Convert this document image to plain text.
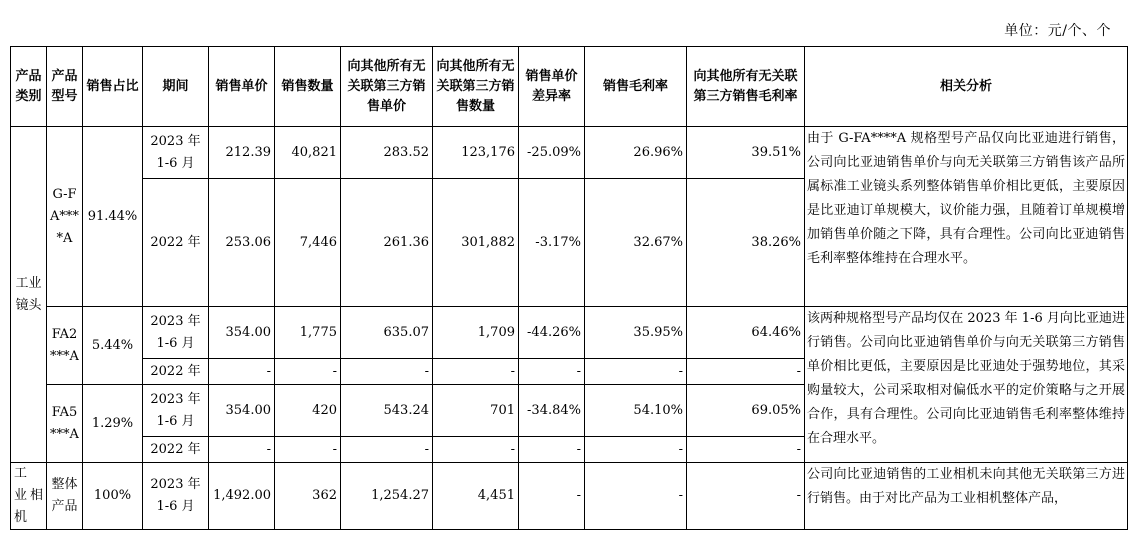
单位：元/个、个
产品类别	产品型号	销售占比	期间	销售单价	销售数量	向其他所有无关联第三方销售单价	向其他所有无关联第三方销售数量	销售单价差异率	销售毛利率	向其他所有无关联第三方销售毛利率	相关分析
工业镜头	G-FA****A	91.44%	2023 年 1-6 月	212.39	40,821	283.52	123,176	-25.09%	26.96%	39.51%	由于 G-FA****A 规格型号产品仅向比亚迪进行销售，公司向比亚迪销售单价与向无关联第三方销售该产品所属标准工业镜头系列整体销售单价相比更低，主要原因是比亚迪订单规模大，议价能力强，且随着订单规模增加销售单价随之下降，具有合理性。公司向比亚迪销售毛利率整体维持在合理水平。
			2022 年	253.06	7,446	261.36	301,882	-3.17%	32.67%	38.26%	
	FA2***A	5.44%	2023 年 1-6 月	354.00	1,775	635.07	1,709	-44.26%	35.95%	64.46%	该两种规格型号产品均仅在 2023 年 1-6 月向比亚迪进行销售。公司向比亚迪销售单价与向无关联第三方销售单价相比更低，主要原因是比亚迪处于强势地位，其采购量较大，公司采取相对偏低水平的定价策略与之开展合作，具有合理性。公司向比亚迪销售毛利率整体维持在合理水平。
			2022 年	-	-	-	-	-	-	-	
	FA5***A	1.29%	2023 年 1-6 月	354.00	420	543.24	701	-34.84%	54.10%	69.05%	
			2022 年	-	-	-	-	-	-	-	
工 业相机	整体产品	100%	2023 年 1-6 月	1,492.00	362	1,254.27	4,451	-	-	-	公司向比亚迪销售的工业相机未向其他无关联第三方进行销售。由于对比产品为工业相机整体产品，
